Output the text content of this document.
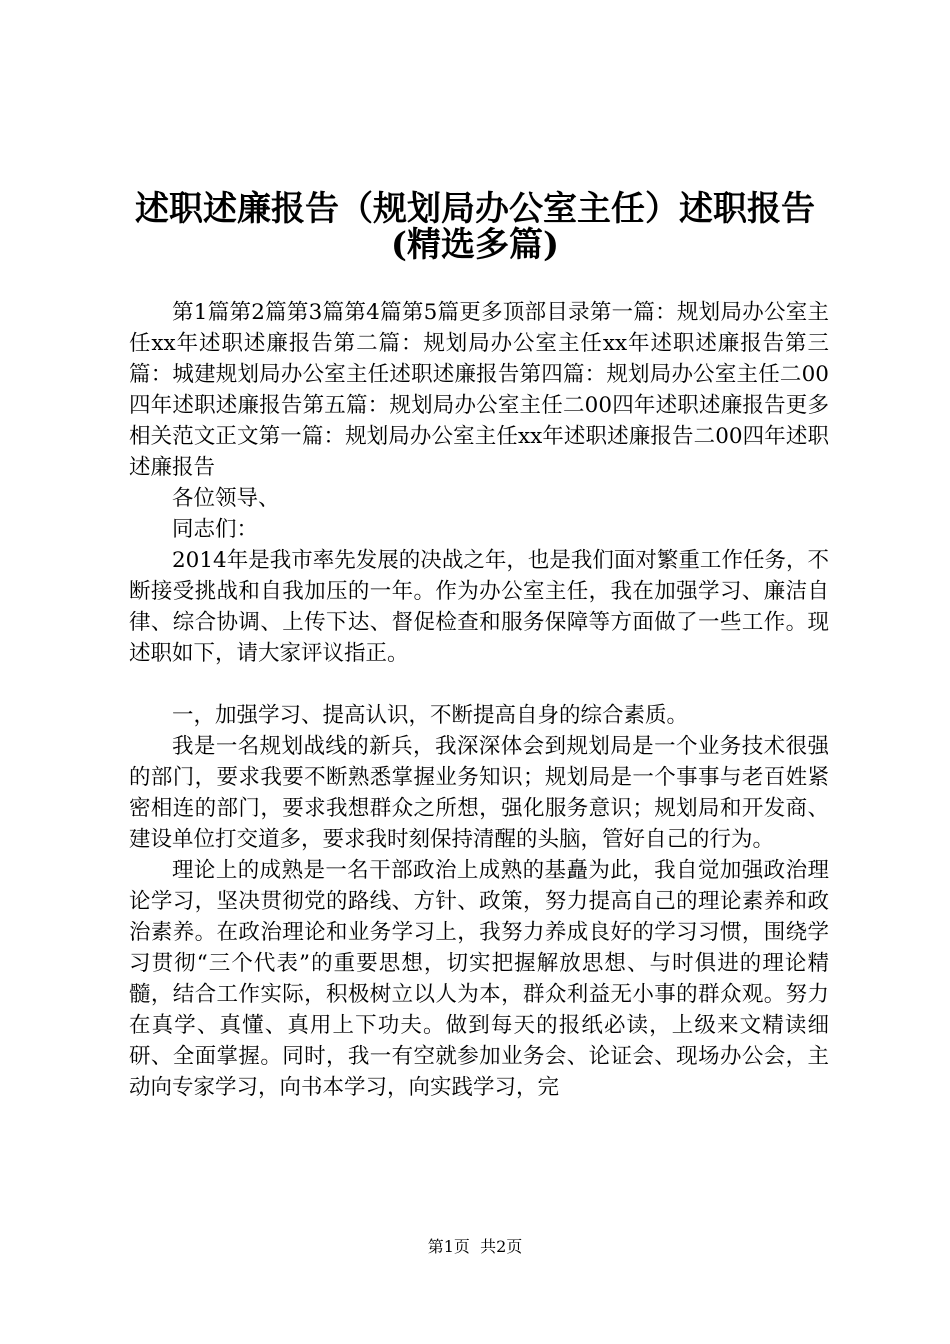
述职述廉报告（规划局办公室主任）述职报告
(精选多篇)

第1篇第2篇第3篇第4篇第5篇更多顶部目录第一篇：规划局办公室主任xx年述职述廉报告第二篇：规划局办公室主任xx年述职述廉报告第三篇：城建规划局办公室主任述职述廉报告第四篇：规划局办公室主任二00四年述职述廉报告第五篇：规划局办公室主任二00四年述职述廉报告更多相关范文正文第一篇：规划局办公室主任xx年述职述廉报告二00四年述职述廉报告

各位领导、

同志们：

2014年是我市率先发展的决战之年，也是我们面对繁重工作任务，不断接受挑战和自我加压的一年。作为办公室主任，我在加强学习、廉洁自律、综合协调、上传下达、督促检查和服务保障等方面做了一些工作。现述职如下，请大家评议指正。

一，加强学习、提高认识，不断提高自身的综合素质。

我是一名规划战线的新兵，我深深体会到规划局是一个业务技术很强的部门，要求我要不断熟悉掌握业务知识；规划局是一个事事与老百姓紧密相连的部门，要求我想群众之所想，强化服务意识；规划局和开发商、建设单位打交道多，要求我时刻保持清醒的头脑，管好自己的行为。

理论上的成熟是一名干部政治上成熟的基矗为此，我自觉加强政治理论学习，坚决贯彻党的路线、方针、政策，努力提高自己的理论素养和政治素养。在政治理论和业务学习上，我努力养成良好的学习习惯，围绕学习贯彻“三个代表”的重要思想，切实把握解放思想、与时俱进的理论精髓，结合工作实际，积极树立以人为本，群众利益无小事的群众观。努力在真学、真懂、真用上下功夫。做到每天的报纸必读，上级来文精读细研、全面掌握。同时，我一有空就参加业务会、论证会、现场办公会，主动向专家学习，向书本学习，向实践学习，完

第1页  共2页
